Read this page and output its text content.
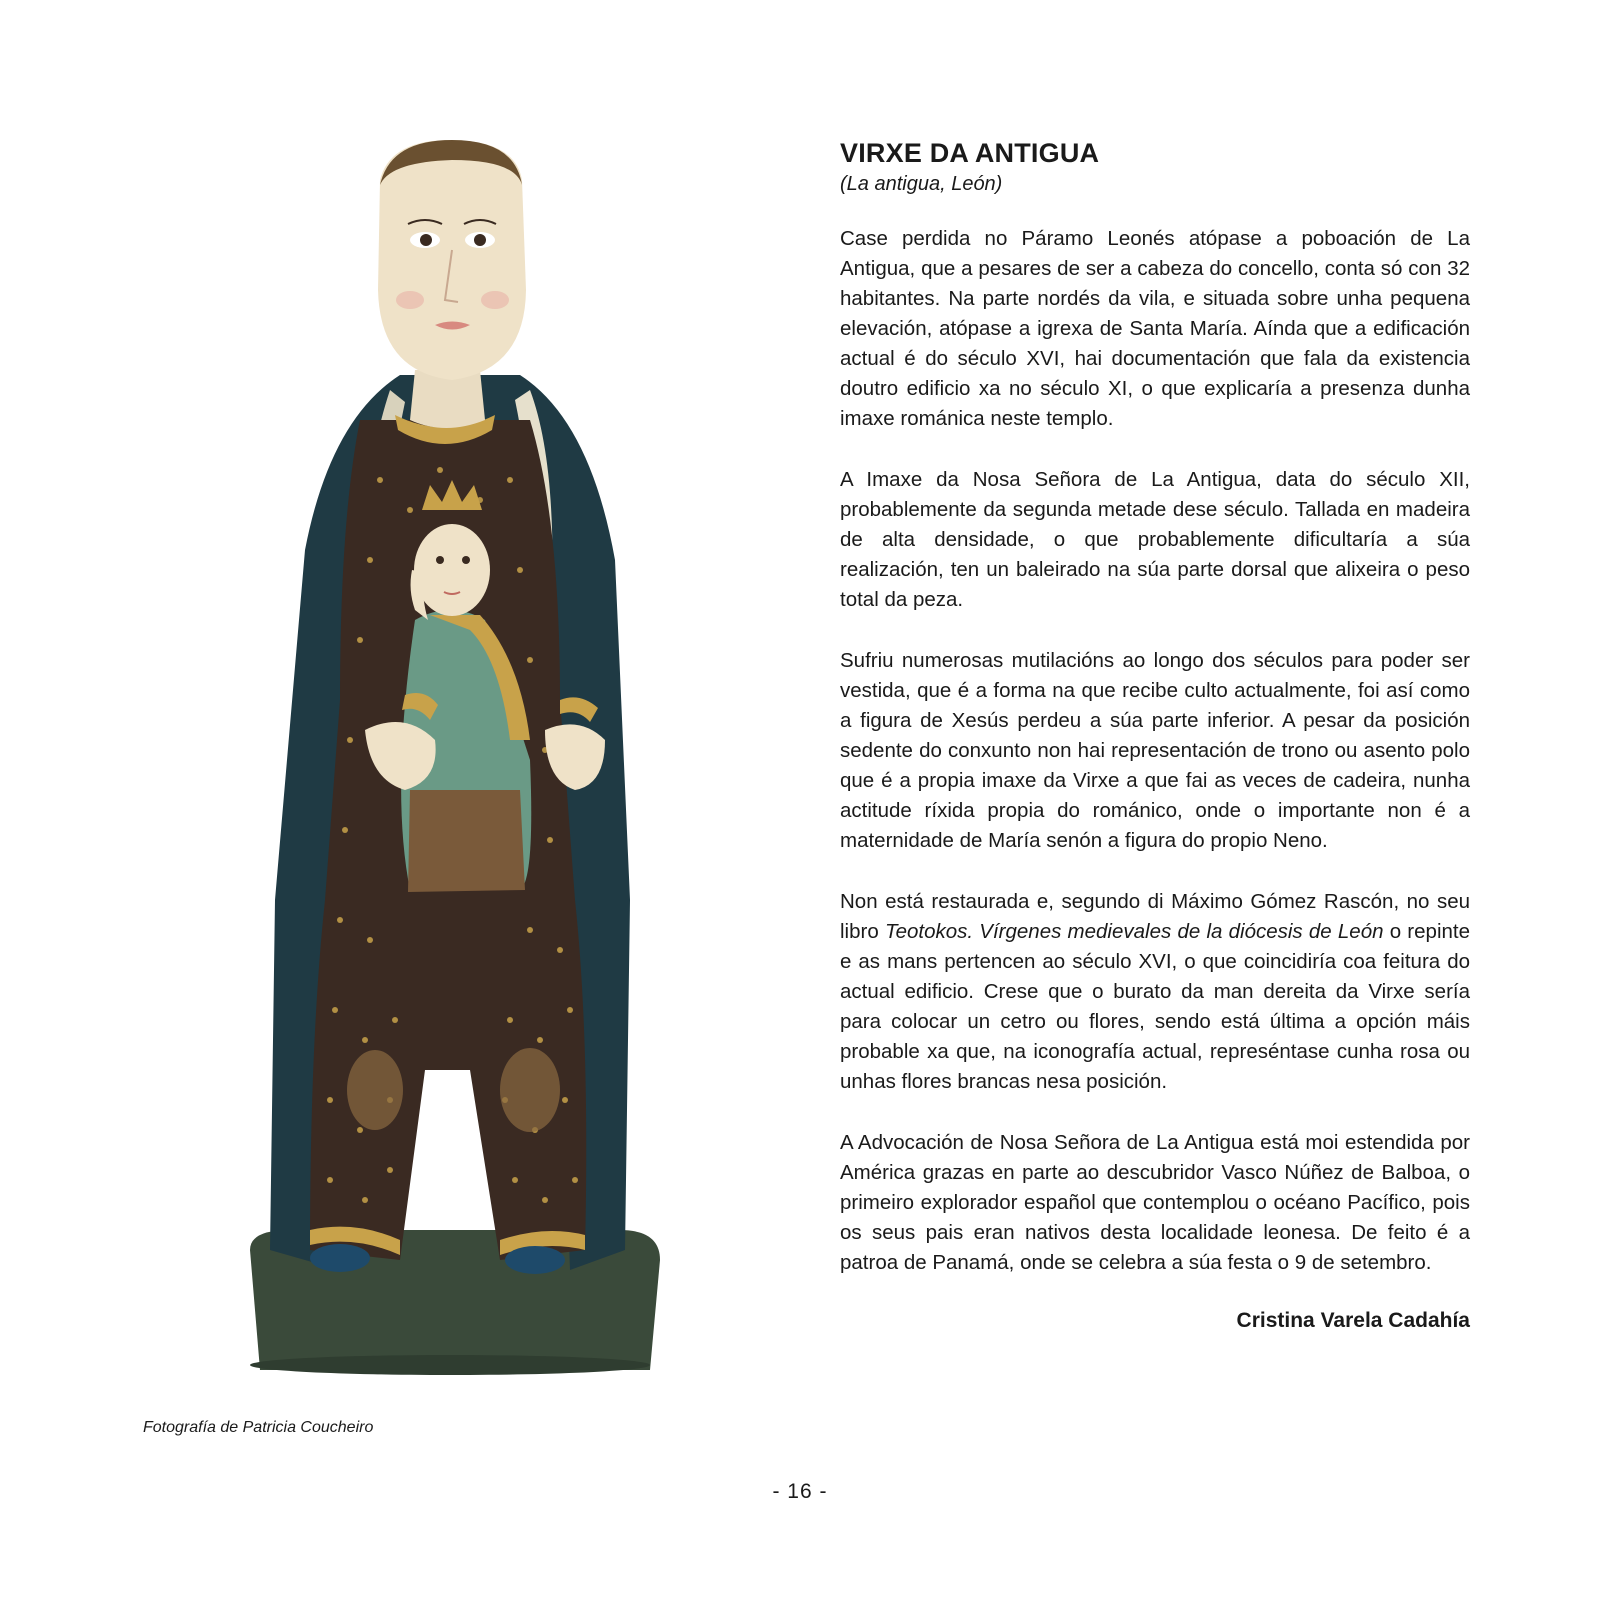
Fotografía de Patricia Coucheiro
VIRXE DA ANTIGUA

(La antigua, León)

Case perdida no Páramo Leonés atópase a poboación de La Antigua, que a pesares de ser a cabeza do concello, conta só con 32 habitantes. Na parte nordés da vila, e situada sobre unha pequena elevación, atópase a igrexa de Santa María. Aínda que a edificación actual é do século XVI, hai documentación que fala da existencia doutro edificio xa no século XI, o que explicaría a presenza dunha imaxe románica neste templo.

A Imaxe da Nosa Señora de La Antigua, data do século XII, probablemente da segunda metade dese século. Tallada en madeira de alta densidade, o que probablemente dificultaría a súa realización, ten un baleirado na súa parte dorsal que alixeira o peso total da peza.

Sufriu numerosas mutilacións ao longo dos séculos para poder ser vestida, que é a forma na que recibe culto actualmente, foi así como a figura de Xesús perdeu a súa parte inferior. A pesar da posición sedente do conxunto non hai representación de trono ou asento polo que é a propia imaxe da Virxe a que fai as veces de cadeira, nunha actitude ríxida propia do románico, onde o importante non é a maternidade de María senón a figura do propio Neno.

Non está restaurada e, segundo di Máximo Gómez Rascón, no seu libro Teotokos. Vírgenes medievales de la diócesis de León o repinte e as mans pertencen ao século XVI, o que coincidiría coa feitura do actual edificio. Crese que o burato da man dereita da Virxe sería para colocar un cetro ou flores, sendo está última a opción máis probable xa que, na iconografía actual, represéntase cunha rosa ou unhas flores brancas nesa posición.

A Advocación de Nosa Señora de La Antigua está moi estendida por América grazas en parte ao descubridor Vasco Núñez de Balboa, o primeiro explorador español que contemplou o océano Pacífico, pois os seus pais eran nativos desta localidade leonesa. De feito é a patroa de Panamá, onde se celebra a súa festa o 9 de setembro.

Cristina Varela Cadahía
- 16 -
